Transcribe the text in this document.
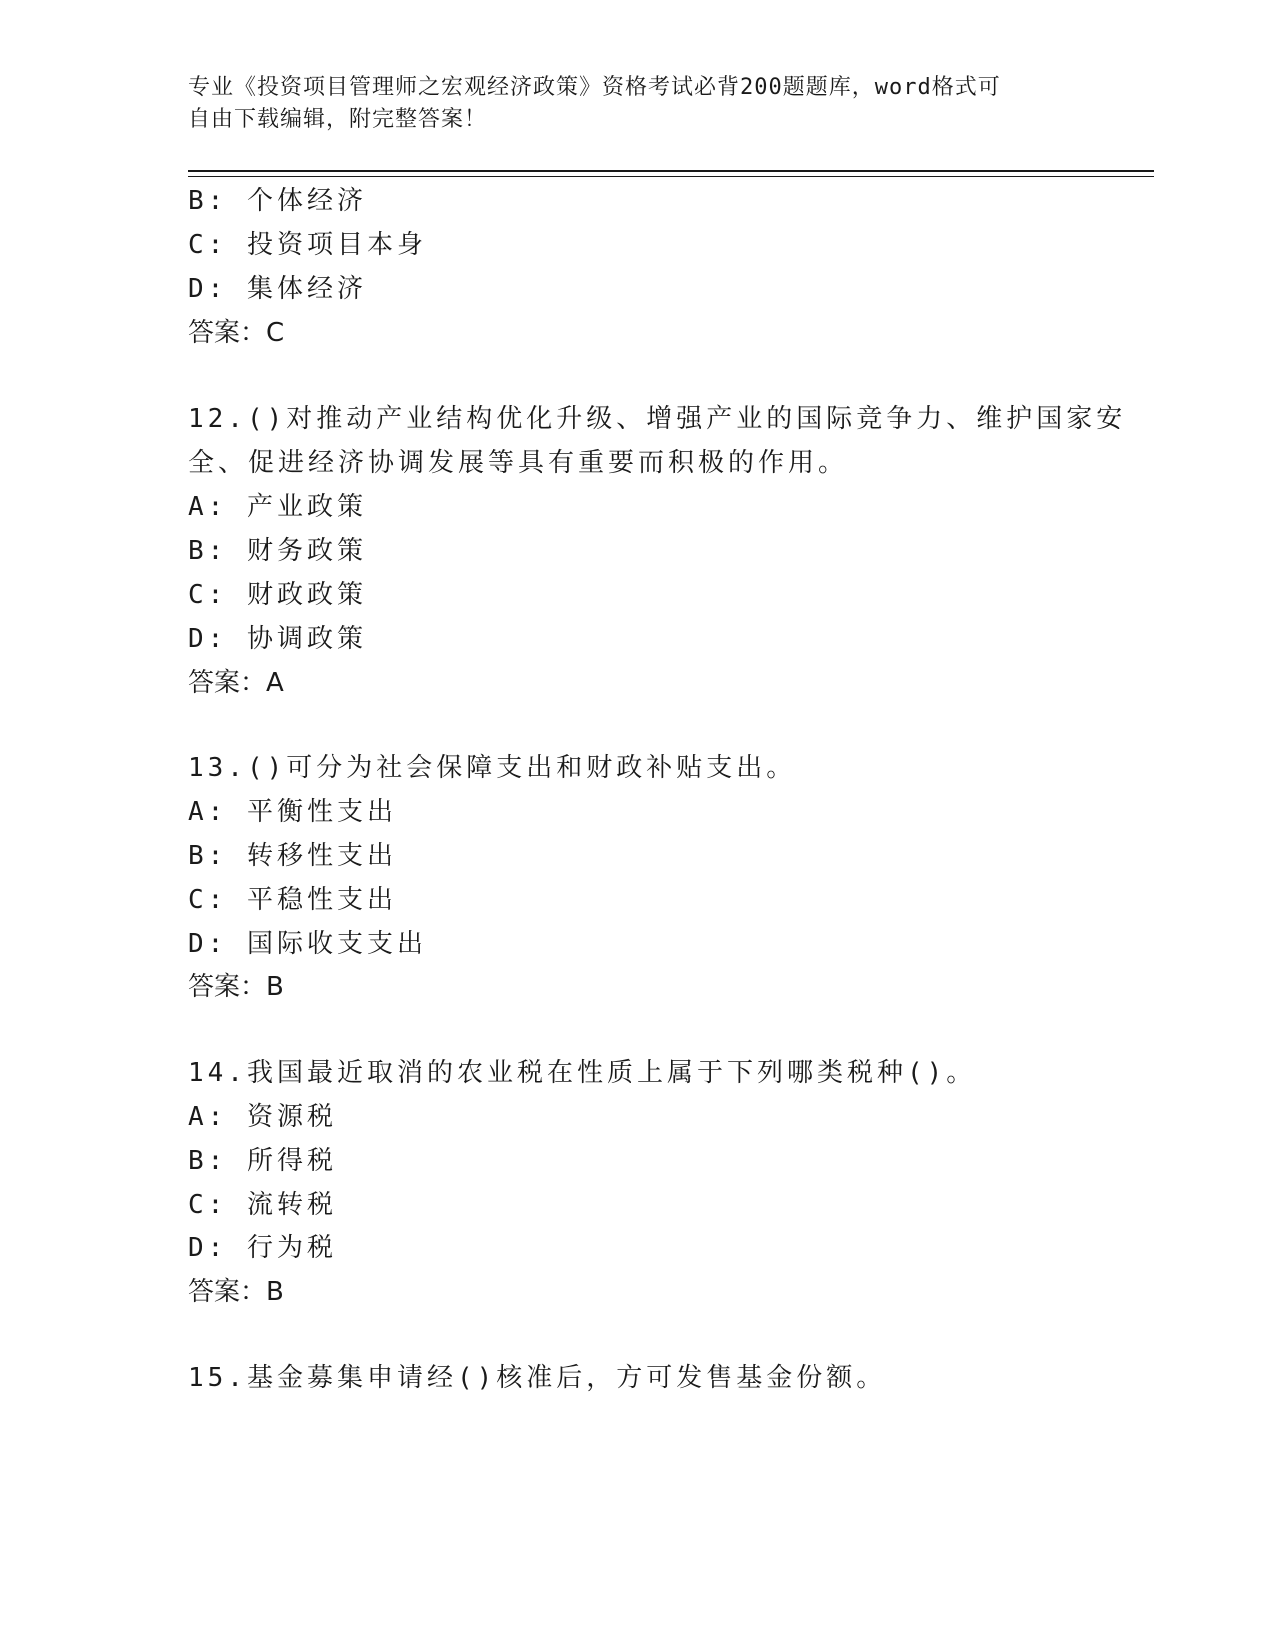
专业《投资项目管理师之宏观经济政策》资格考试必背200题题库，word格式可
自由下载编辑，附完整答案！
B: 个体经济
C: 投资项目本身
D: 集体经济
答案：C
12.()对推动产业结构优化升级、增强产业的国际竞争力、维护国家安
全、促进经济协调发展等具有重要而积极的作用。
A: 产业政策
B: 财务政策
C: 财政政策
D: 协调政策
答案：A
13.()可分为社会保障支出和财政补贴支出。
A: 平衡性支出
B: 转移性支出
C: 平稳性支出
D: 国际收支支出
答案：B
14.我国最近取消的农业税在性质上属于下列哪类税种()。
A: 资源税
B: 所得税
C: 流转税
D: 行为税
答案：B
15.基金募集申请经()核准后，方可发售基金份额。
